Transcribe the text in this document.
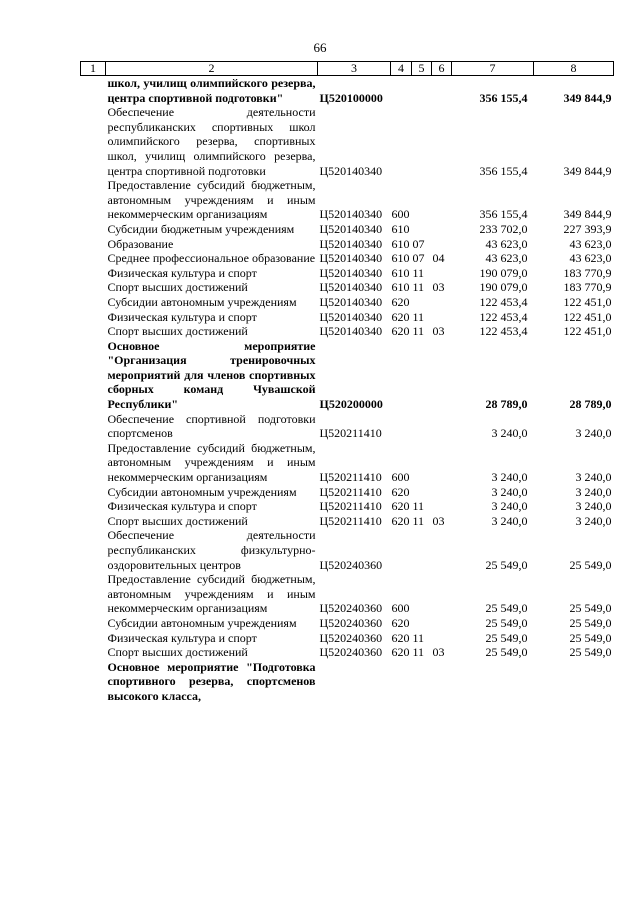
66
1	2	3	4	5	6	7	8
	школ, училищ олимпийского резерва, центра спортивной подготовки"	Ц520100000				356 155,4	349 844,9
	Обеспечение деятельности республиканских спортивных школ олимпийского резерва, спортивных школ, училищ олимпийского резерва, центра спортивной подготовки	Ц520140340				356 155,4	349 844,9
	Предоставление субсидий бюджетным, автономным учреждениям и иным некоммерческим организациям	Ц520140340	600			356 155,4	349 844,9
	Субсидии бюджетным учреждениям	Ц520140340	610			233 702,0	227 393,9
	Образование	Ц520140340	610	07		43 623,0	43 623,0
	Среднее профессиональное образование	Ц520140340	610	07	04	43 623,0	43 623,0
	Физическая культура и спорт	Ц520140340	610	11		190 079,0	183 770,9
	Спорт высших достижений	Ц520140340	610	11	03	190 079,0	183 770,9
	Субсидии автономным учреждениям	Ц520140340	620			122 453,4	122 451,0
	Физическая культура и спорт	Ц520140340	620	11		122 453,4	122 451,0
	Спорт высших достижений	Ц520140340	620	11	03	122 453,4	122 451,0
	Основное мероприятие "Организация тренировочных мероприятий для членов спортивных сборных команд Чувашской Республики"	Ц520200000				28 789,0	28 789,0
	Обеспечение спортивной подготовки спортсменов	Ц520211410				3 240,0	3 240,0
	Предоставление субсидий бюджетным, автономным учреждениям и иным некоммерческим организациям	Ц520211410	600			3 240,0	3 240,0
	Субсидии автономным учреждениям	Ц520211410	620			3 240,0	3 240,0
	Физическая культура и спорт	Ц520211410	620	11		3 240,0	3 240,0
	Спорт высших достижений	Ц520211410	620	11	03	3 240,0	3 240,0
	Обеспечение деятельности республиканских физкультурно-оздоровительных центров	Ц520240360				25 549,0	25 549,0
	Предоставление субсидий бюджетным, автономным учреждениям и иным некоммерческим организациям	Ц520240360	600			25 549,0	25 549,0
	Субсидии автономным учреждениям	Ц520240360	620			25 549,0	25 549,0
	Физическая культура и спорт	Ц520240360	620	11		25 549,0	25 549,0
	Спорт высших достижений	Ц520240360	620	11	03	25 549,0	25 549,0
	Основное мероприятие "Подготовка спортивного резерва, спортсменов высокого класса,						
